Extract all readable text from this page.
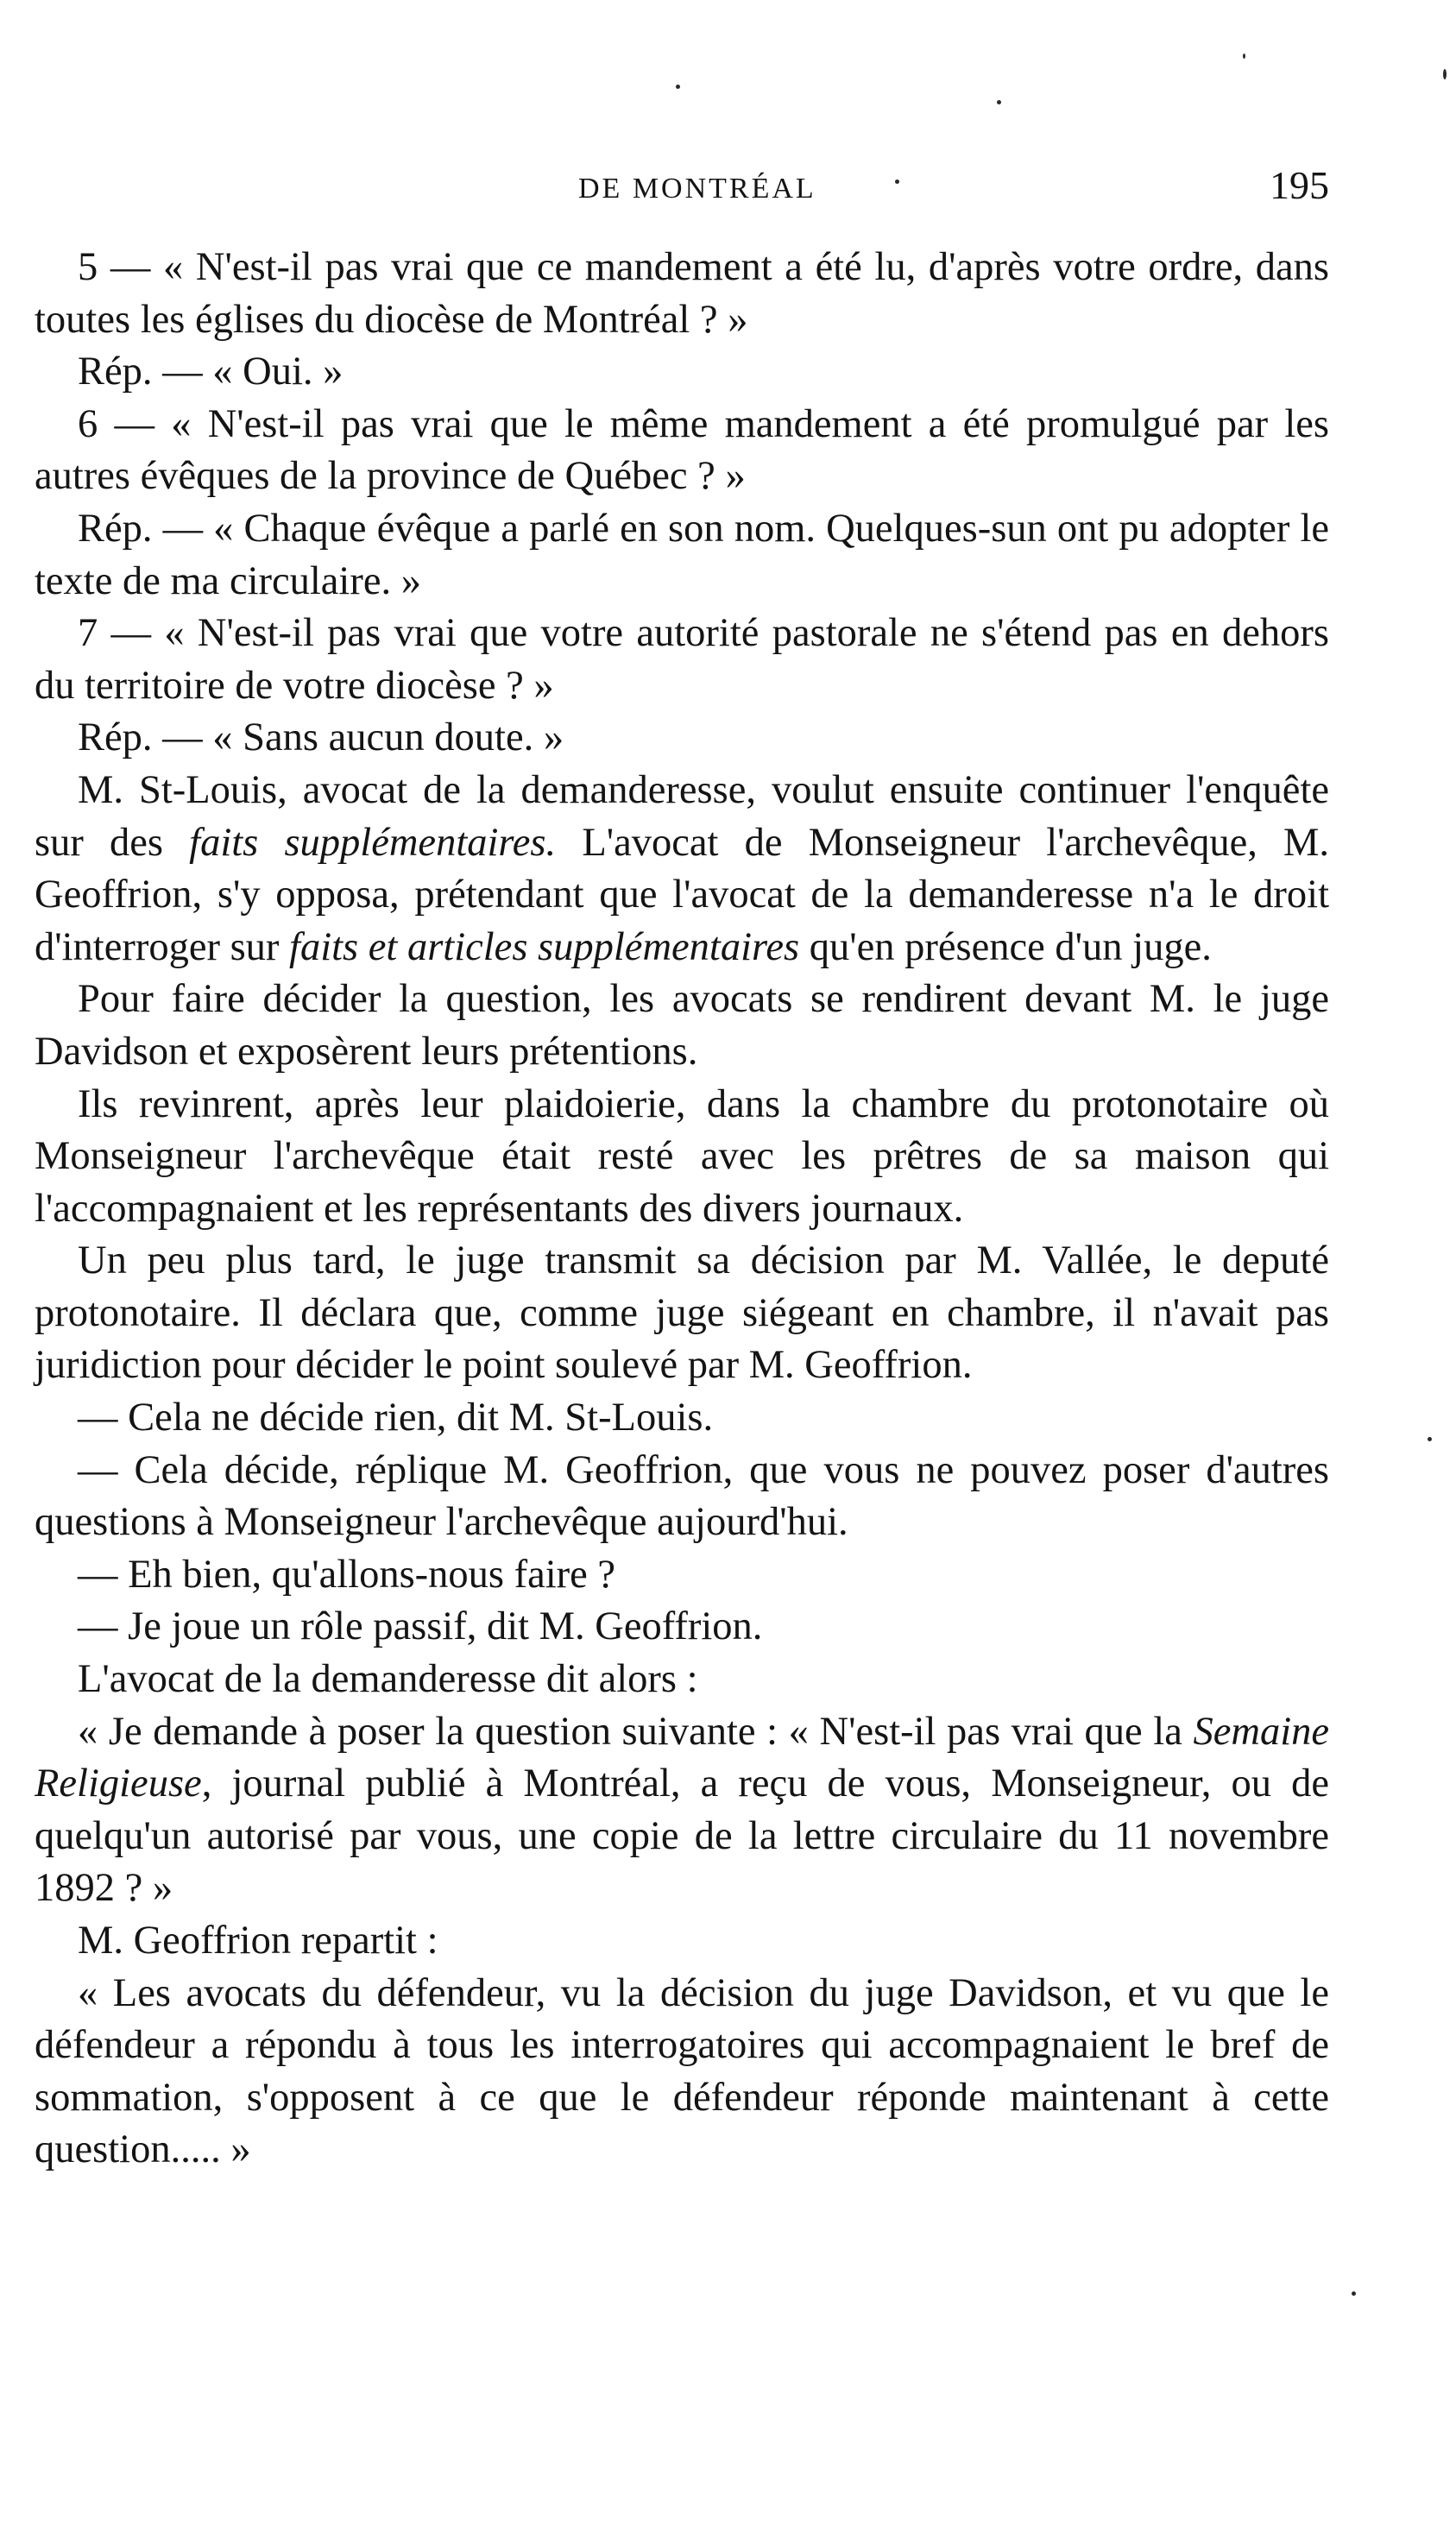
DE MONTRÉAL	195

5 — « N'est-il pas vrai que ce mandement a été lu, d'après votre ordre, dans toutes les églises du diocèse de Montréal ? »

Rép. — « Oui. »

6 — « N'est-il pas vrai que le même mandement a été promulgué par les autres évêques de la province de Québec ? »

Rép. — « Chaque évêque a parlé en son nom. Quelques-sun ont pu adopter le texte de ma circulaire. »

7 — « N'est-il pas vrai que votre autorité pastorale ne s'étend pas en dehors du territoire de votre diocèse ? »

Rép. — « Sans aucun doute. »

M. St-Louis, avocat de la demanderesse, voulut ensuite continuer l'enquête sur des faits supplémentaires. L'avocat de Monseigneur l'archevêque, M. Geoffrion, s'y opposa, prétendant que l'avocat de la demanderesse n'a le droit d'interroger sur faits et articles supplémentaires qu'en présence d'un juge.

Pour faire décider la question, les avocats se rendirent devant M. le juge Davidson et exposèrent leurs prétentions.

Ils revinrent, après leur plaidoierie, dans la chambre du protonotaire où Monseigneur l'archevêque était resté avec les prêtres de sa maison qui l'accompagnaient et les représentants des divers journaux.

Un peu plus tard, le juge transmit sa décision par M. Vallée, le deputé protonotaire. Il déclara que, comme juge siégeant en chambre, il n'avait pas juridiction pour décider le point soulevé par M. Geoffrion.

— Cela ne décide rien, dit M. St-Louis.

— Cela décide, réplique M. Geoffrion, que vous ne pouvez poser d'autres questions à Monseigneur l'archevêque aujourd'hui.

— Eh bien, qu'allons-nous faire ?

— Je joue un rôle passif, dit M. Geoffrion.

L'avocat de la demanderesse dit alors :

« Je demande à poser la question suivante : « N'est-il pas vrai que la Semaine Religieuse, journal publié à Montréal, a reçu de vous, Monseigneur, ou de quelqu'un autorisé par vous, une copie de la lettre circulaire du 11 novembre 1892 ? »

M. Geoffrion repartit :

« Les avocats du défendeur, vu la décision du juge Davidson, et vu que le défendeur a répondu à tous les interrogatoires qui accompagnaient le bref de sommation, s'opposent à ce que le défendeur réponde maintenant à cette question..... »
